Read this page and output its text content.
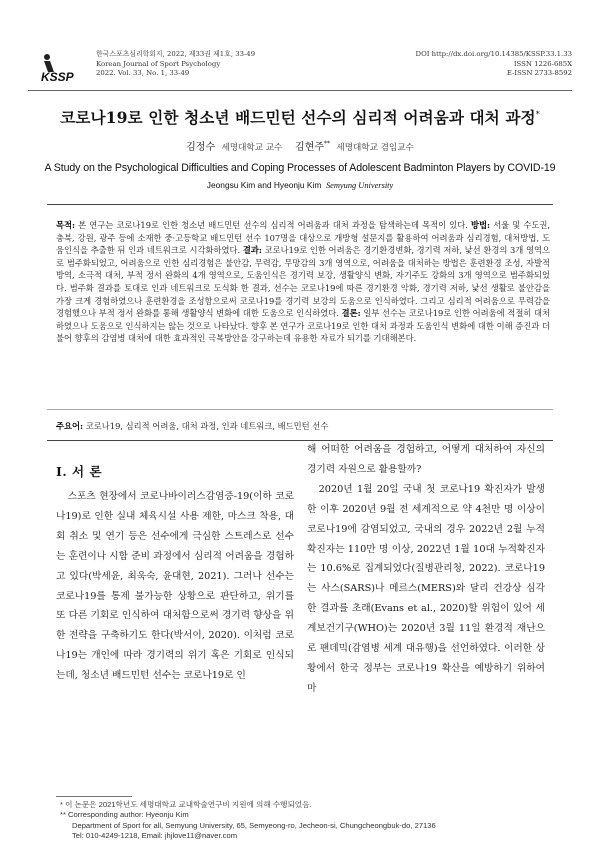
KSSP
한국스포츠심리학회지, 2022, 제33권 제1호, 33-49
Korean Journal of Sport Psychology
2022. Vol. 33, No. 1, 33-49
DOI http://dx.doi.org/10.14385/KSSP.33.1.33
ISSN 1226-685X
E-ISSN 2733-8592
코로나19로 인한 청소년 배드민턴 선수의 심리적 어려움과 대처 과정*
김정수 세명대학교 교수 김현주** 세명대학교 겸임교수
A Study on the Psychological Difficulties and Coping Processes of Adolescent Badminton Players by COVID-19
Jeongsu Kim and Hyeonju Kim Semyung University
목적: 본 연구는 코로나19로 인한 청소년 배드민턴 선수의 심리적 어려움과 대처 과정을 탐색하는데 목적이 있다. 방법: 서울 및 수도권, 충북, 강원, 광주 등에 소재한 중·고등학교 배드민턴 선수 107명을 대상으로 개방형 설문지를 활용하여 어려움과 심리경험, 대처방법, 도움인식을 추출한 뒤 인과 네트워크로 시각화하였다. 결과: 코로나19로 인한 어려움은 경기환경변화, 경기력 저하, 낯선 환경의 3개 영역으로 범주화되었고, 어려움으로 인한 심리경험은 불안감, 무력감, 무망감의 3개 영역으로, 어려움을 대처하는 방법은 훈련환경 조성, 자발적 방역, 소극적 대처, 부적 정서 완화의 4개 영역으로, 도움인식은 경기력 보강, 생활양식 변화, 자기주도 강화의 3개 영역으로 범주화되었다. 범주화 결과를 토대로 인과 네트워크로 도식화 한 결과, 선수는 코로나19에 따른 경기환경 악화, 경기력 저하, 낯선 생활로 불안감을 가장 크게 경험하였으나 훈련환경을 조성함으로써 코로나19를 경기력 보강의 도움으로 인식하였다. 그리고 심리적 어려움으로 무력감을 경험했으나 부적 정서 완화를 통해 생활양식 변화에 대한 도움으로 인식하였다. 결론: 일부 선수는 코로나19로 인한 어려움에 적절히 대처하였으나 도움으로 인식하지는 않는 것으로 나타났다. 향후 본 연구가 코로나19로 인한 대처 과정과 도움인식 변화에 대한 이해 증진과 더불어 향후의 감염병 대처에 대한 효과적인 극복방안을 강구하는데 유용한 자료가 되기를 기대해본다.
주요어: 코로나19, 심리적 어려움, 대처 과정, 인과 네트워크, 배드민턴 선수
I. 서 론

스포츠 현장에서 코로나바이러스감염증-19(이하 코로나19)로 인한 실내 체육시설 사용 제한, 마스크 착용, 대회 취소 및 연기 등은 선수에게 극심한 스트레스로 선수는 훈련이나 시합 준비 과정에서 심리적 어려움을 경험하고 있다(박세윤, 최욱숙, 윤대현, 2021). 그러나 선수는 코로나19를 통제 불가능한 상황으로 판단하고, 위기를 또 다른 기회로 인식하여 대처함으로써 경기력 향상을 위한 전략을 구축하기도 한다(박서이, 2020). 이처럼 코로나19는 개인에 따라 경기력의 위기 혹은 기회로 인식되는데, 청소년 배드민턴 선수는 코로나19로 인

해 어떠한 어려움을 경험하고, 어떻게 대처하여 자신의 경기력 자원으로 활용할까?

2020년 1월 20일 국내 첫 코로나19 확진자가 발생한 이후 2020년 9월 전 세계적으로 약 4천만 명 이상이 코로나19에 감염되었고, 국내의 경우 2022년 2월 누적확진자는 110만 명 이상, 2022년 1월 10대 누적확진자는 10.6%로 집계되었다(질병관리청, 2022). 코로나19는 사스(SARS)나 메르스(MERS)와 달리 건강상 심각한 결과를 초래(Evans et al., 2020)할 위험이 있어 세계보건기구(WHO)는 2020년 3월 11일 환경적 재난으로 팬데믹(감염병 세계 대유행)을 선언하였다. 이러한 상황에서 한국 정부는 코로나19 확산을 예방하기 위하여 마

* 이 논문은 2021학년도 세명대학교 교내학술연구비 지원에 의해 수행되었음.
** Corresponding author: Hyeonju Kim
Department of Sport for all, Semyung University, 65, Semyeong-ro, Jecheon-si, Chungcheongbuk-do, 27136
Tel: 010-4249-1218, Email: jhjlove11@naver.com
